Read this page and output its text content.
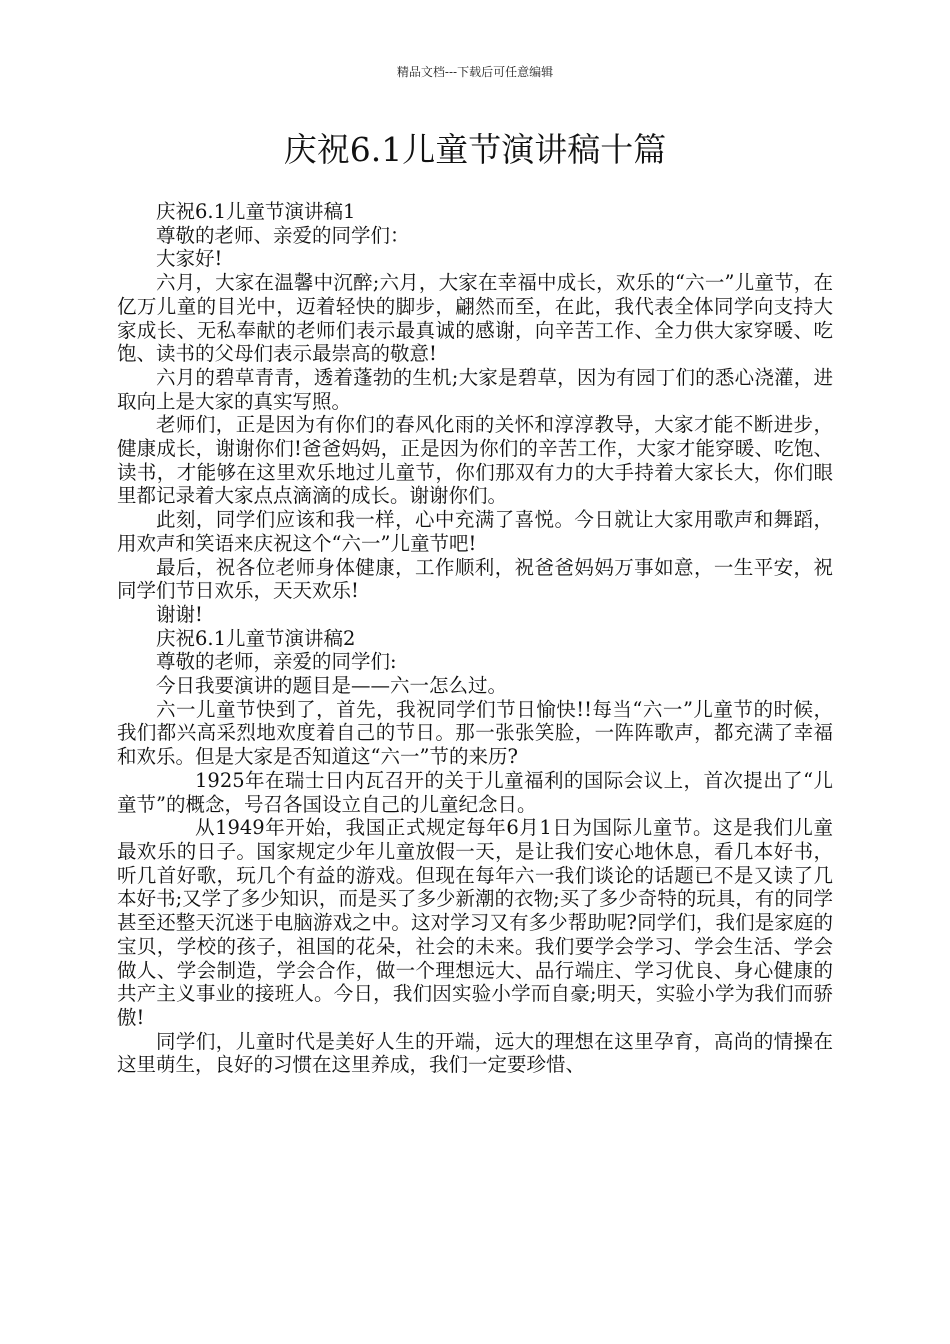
精品文档---下载后可任意编辑
庆祝6.1儿童节演讲稿十篇

庆祝6.1儿童节演讲稿1

尊敬的老师、亲爱的同学们：

大家好!

六月，大家在温馨中沉醉;六月，大家在幸福中成长，欢乐的“六一”儿童节，在亿万儿童的目光中，迈着轻快的脚步，翩然而至，在此，我代表全体同学向支持大家成长、无私奉献的老师们表示最真诚的感谢，向辛苦工作、全力供大家穿暖、吃饱、读书的父母们表示最崇高的敬意!

六月的碧草青青，透着蓬勃的生机;大家是碧草，因为有园丁们的悉心浇灌，进取向上是大家的真实写照。

老师们，正是因为有你们的春风化雨的关怀和淳淳教导，大家才能不断进步，健康成长，谢谢你们!爸爸妈妈，正是因为你们的辛苦工作，大家才能穿暖、吃饱、读书，才能够在这里欢乐地过儿童节，你们那双有力的大手持着大家长大，你们眼里都记录着大家点点滴滴的成长。谢谢你们。

此刻，同学们应该和我一样，心中充满了喜悦。今日就让大家用歌声和舞蹈，用欢声和笑语来庆祝这个“六一”儿童节吧!

最后，祝各位老师身体健康，工作顺利，祝爸爸妈妈万事如意，一生平安，祝同学们节日欢乐，天天欢乐!

谢谢!

庆祝6.1儿童节演讲稿2

尊敬的老师，亲爱的同学们:

今日我要演讲的题目是——六一怎么过。

六一儿童节快到了，首先，我祝同学们节日愉快!!每当“六一”儿童节的时候，我们都兴高采烈地欢度着自己的节日。那一张张笑脸，一阵阵歌声，都充满了幸福和欢乐。但是大家是否知道这“六一”节的来历?

1925年在瑞士日内瓦召开的关于儿童福利的国际会议上，首次提出了“儿童节”的概念，号召各国设立自己的儿童纪念日。

从1949年开始，我国正式规定每年6月1日为国际儿童节。这是我们儿童最欢乐的日子。国家规定少年儿童放假一天，是让我们安心地休息，看几本好书，听几首好歌，玩几个有益的游戏。但现在每年六一我们谈论的话题已不是又读了几本好书;又学了多少知识，而是买了多少新潮的衣物;买了多少奇特的玩具，有的同学甚至还整天沉迷于电脑游戏之中。这对学习又有多少帮助呢?同学们，我们是家庭的宝贝，学校的孩子，祖国的花朵，社会的未来。我们要学会学习、学会生活、学会做人、学会制造，学会合作，做一个理想远大、品行端庄、学习优良、身心健康的共产主义事业的接班人。今日，我们因实验小学而自豪;明天，实验小学为我们而骄傲!

同学们，儿童时代是美好人生的开端，远大的理想在这里孕育，高尚的情操在这里萌生，良好的习惯在这里养成，我们一定要珍惜、
